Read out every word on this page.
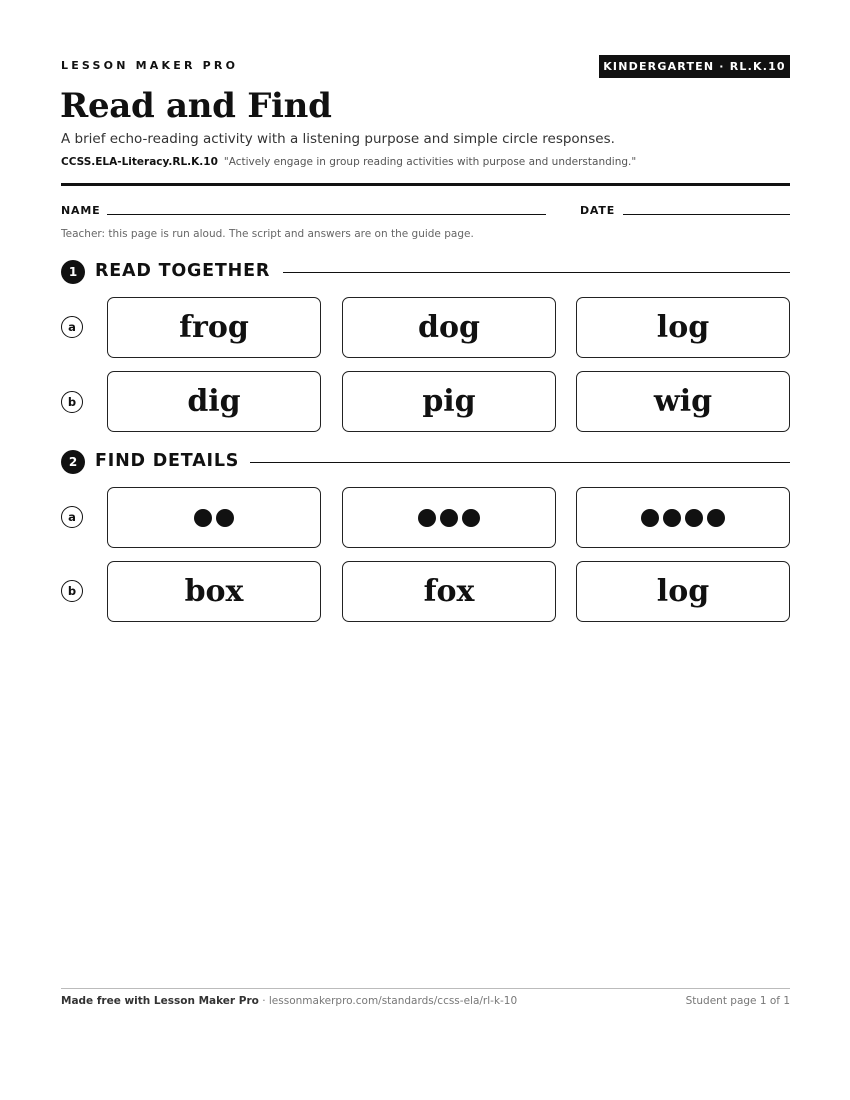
LESSON MAKER PRO	KINDERGARTEN · RL.K.10
Read and Find
A brief echo-reading activity with a listening purpose and simple circle responses.
CCSS.ELA-Literacy.RL.K.10 "Actively engage in group reading activities with purpose and understanding."
NAME	DATE
Teacher: this page is run aloud. The script and answers are on the guide page.
1	READ TOGETHER
a	frog	dog	log
b	dig	pig	wig
2	FIND DETAILS
a
b	box	fox	log
Made free with Lesson Maker Pro · lessonmakerpro.com/standards/ccss-ela/rl-k-10	Student page 1 of 1
